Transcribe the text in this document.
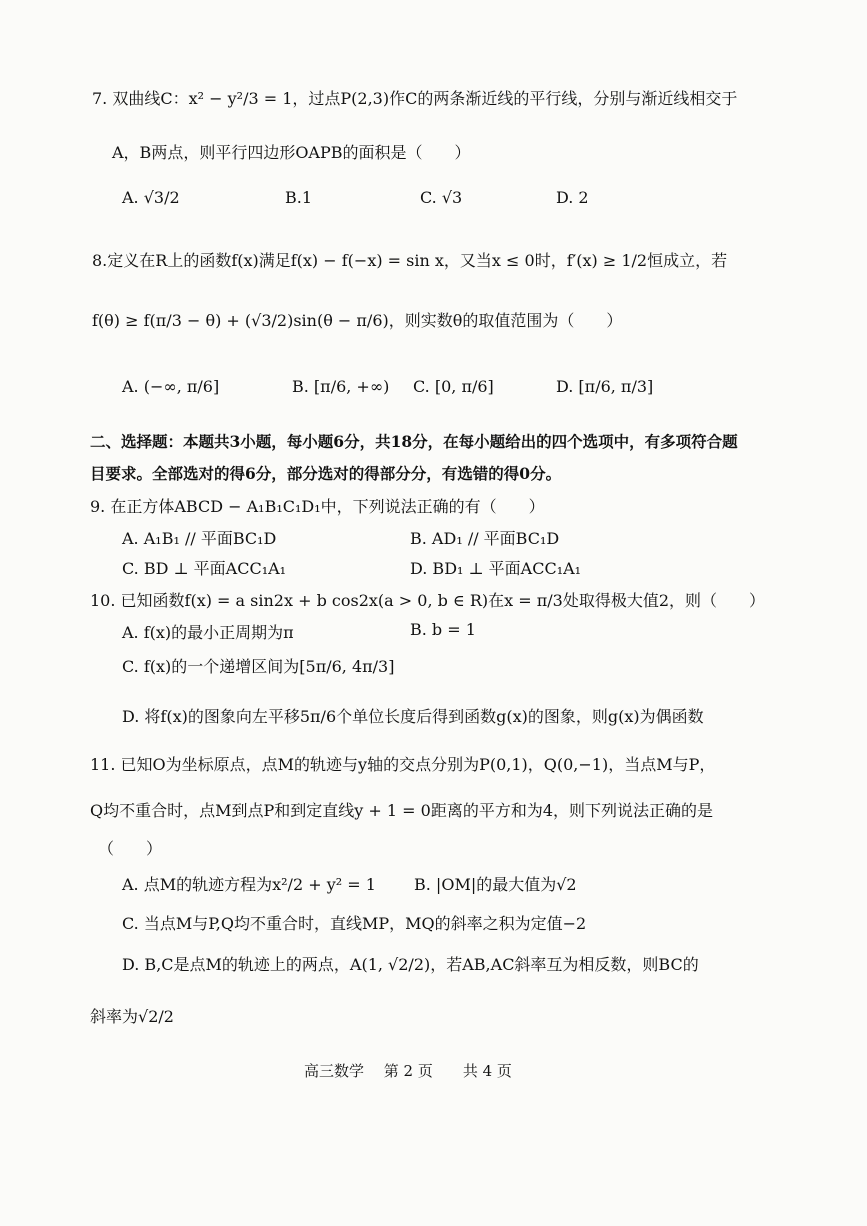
7. 双曲线C：x² − y²/3 = 1，过点P(2,3)作C的两条渐近线的平行线，分别与渐近线相交于
A，B两点，则平行四边形OAPB的面积是（　　）
A. √3/2	B.1	C. √3	D. 2
8.定义在R上的函数f(x)满足f(x) − f(−x) = sin x，又当x ≤ 0时，f′(x) ≥ 1/2恒成立，若
f(θ) ≥ f(π/3 − θ) + (√3/2)sin(θ − π/6)，则实数θ的取值范围为（　　）
A. (−∞, π/6]	B. [π/6, +∞) C. [0, π/6]	D. [π/6, π/3]
二、选择题：本题共3小题，每小题6分，共18分，在每小题给出的四个选项中，有多项符合题
目要求。全部选对的得6分，部分选对的得部分分，有选错的得0分。
9. 在正方体ABCD − A₁B₁C₁D₁中，下列说法正确的有（　　）
A. A₁B₁ // 平面BC₁D	B. AD₁ // 平面BC₁D
C. BD ⊥ 平面ACC₁A₁	D. BD₁ ⊥ 平面ACC₁A₁
10. 已知函数f(x) = a sin2x + b cos2x(a > 0, b ∈ R)在x = π/3处取得极大值2，则（　　）
A. f(x)的最小正周期为π	B. b = 1
C. f(x)的一个递增区间为[5π/6, 4π/3]
D. 将f(x)的图象向左平移5π/6个单位长度后得到函数g(x)的图象，则g(x)为偶函数
11. 已知O为坐标原点，点M的轨迹与y轴的交点分别为P(0,1)，Q(0,−1)，当点M与P，
Q均不重合时，点M到点P和到定直线y + 1 = 0距离的平方和为4，则下列说法正确的是
（　　）
A. 点M的轨迹方程为x²/2 + y² = 1 B. |OM|的最大值为√2
C. 当点M与P,Q均不重合时，直线MP，MQ的斜率之积为定值−2
D. B,C是点M的轨迹上的两点，A(1, √2/2)，若AB,AC斜率互为相反数，则BC的
斜率为√2/2
高三数学　 第 2 页　　共 4 页
